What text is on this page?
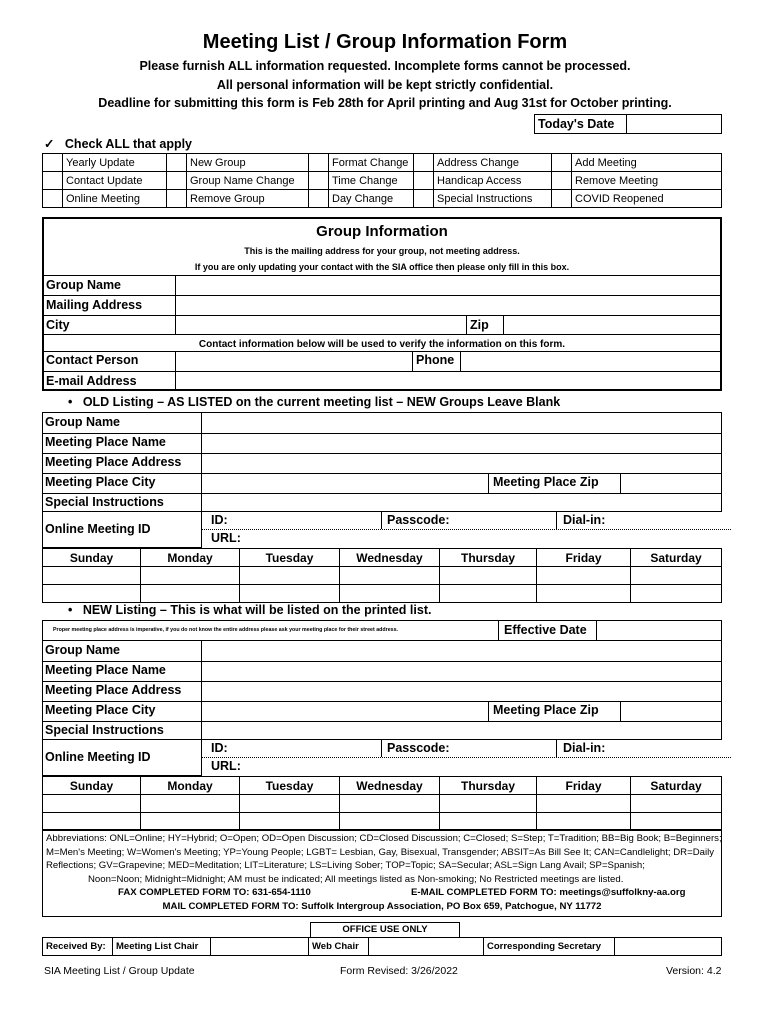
Meeting List / Group Information Form
Please furnish ALL information requested. Incomplete forms cannot be processed.
All personal information will be kept strictly confidential.
Deadline for submitting this form is Feb 28th for April printing and Aug 31st for October printing.
Today's Date
✓ Check ALL that apply
	Yearly Update		New Group		Format Change		Address Change		Add Meeting
	Contact Update		Group Name Change		Time Change		Handicap Access		Remove Meeting
	Online Meeting		Remove Group		Day Change		Special Instructions		COVID Reopened
Group Information
This is the mailing address for your group, not meeting address.
If you are only updating your contact with the SIA office then please only fill in this box.
Group Name
Mailing Address
City	Zip
Contact information below will be used to verify the information on this form.
Contact Person	Phone
E-mail Address
• OLD Listing – AS LISTED on the current meeting list – NEW Groups Leave Blank
Group Name
Meeting Place Name
Meeting Place Address
Meeting Place City	Meeting Place Zip
Special Instructions
Online Meeting ID
ID:	Passcode:	Dial-in:
URL:
Sunday	Monday	Tuesday	Wednesday	Thursday	Friday	Saturday

• NEW Listing – This is what will be listed on the printed list.
Proper meeting place address is imperative, if you do not know the entire address please ask your meeting place for their street address.	Effective Date
Group Name
Meeting Place Name
Meeting Place Address
Meeting Place City	Meeting Place Zip
Special Instructions
Online Meeting ID
ID:	Passcode:	Dial-in:
URL:
Sunday	Monday	Tuesday	Wednesday	Thursday	Friday	Saturday

Abbreviations: ONL=Online; HY=Hybrid; O=Open; OD=Open Discussion; CD=Closed Discussion; C=Closed; S=Step; T=Tradition; BB=Big Book; B=Beginners;
M=Men's Meeting; W=Women's Meeting; YP=Young People; LGBT= Lesbian, Gay, Bisexual, Transgender; ABSIT=As Bill See It; CAN=Candlelight; DR=Daily
Reflections; GV=Grapevine; MED=Meditation; LIT=Literature; LS=Living Sober; TOP=Topic; SA=Secular; ASL=Sign Lang Avail; SP=Spanish;
Noon=Noon; Midnight=Midnight; AM must be indicated; All meetings listed as Non-smoking; No Restricted meetings are listed.
FAX COMPLETED FORM TO: 631-654-1110	E-MAIL COMPLETED FORM TO: meetings@suffolkny-aa.org
MAIL COMPLETED FORM TO: Suffolk Intergroup Association, PO Box 659, Patchogue, NY 11772
OFFICE USE ONLY
Received By:	Meeting List Chair		Web Chair		Corresponding Secretary	
SIA Meeting List / Group Update	Form Revised: 3/26/2022	Version: 4.2
